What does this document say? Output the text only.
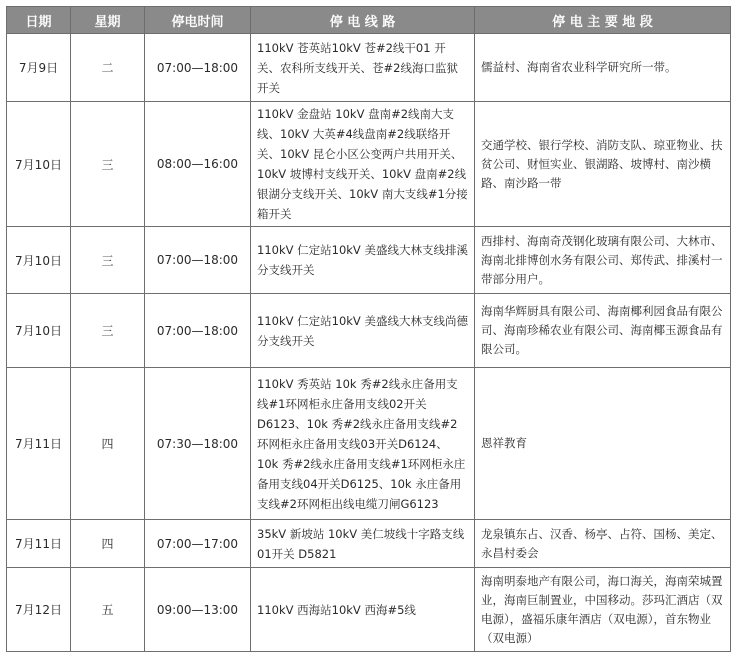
日期	星期	停电时间	停 电 线 路	停 电 主 要 地 段
7月9日	二	07:00—18:00	110kV 苍英站10kV 苍#2线干01 开关、农科所支线开关、苍#2线海口监狱开关	儒益村、海南省农业科学研究所一带。
7月10日	三	08:00—16:00	110kV 金盘站 10kV 盘南#2线南大支线、10kV 大英#4线盘南#2线联络开关、10kV 昆仑小区公变两户共用开关、10kV 坡博村支线开关、10kV 盘南#2线银湖分支线开关、10kV 南大支线#1分接箱开关	交通学校、银行学校、消防支队、琼亚物业、扶贫公司、财恒实业、银湖路、坡博村、南沙横路、南沙路一带
7月10日	三	07:00—18:00	110kV 仁定站10kV 美盛线大林支线排溪分支线开关	西排村、海南奇茂钢化玻璃有限公司、大林市、海南北排博创水务有限公司、郑传武、排溪村一带部分用户。
7月10日	三	07:00—18:00	110kV 仁定站10kV 美盛线大林支线尚德分支线开关	海南华辉厨具有限公司、海南椰利园食品有限公司、海南珍稀农业有限公司、海南椰玉源食品有限公司。
7月11日	四	07:30—18:00	110kV 秀英站 10k 秀#2线永庄备用支线#1环网柜永庄备用支线02开关D6123、10k 秀#2线永庄备用支线#2环网柜永庄备用支线03开关D6124、10k 秀#2线永庄备用支线#1环网柜永庄备用支线04开关D6125、10k 永庄备用支线#2环网柜出线电缆刀闸G6123	恩祥教育
7月11日	四	07:00—17:00	35kV 新坡站 10kV 美仁坡线十字路支线01开关 D5821	龙泉镇东占、汉香、杨亭、占符、国杨、美定、永昌村委会
7月12日	五	09:00—13:00	110kV 西海站10kV 西海#5线	海南明泰地产有限公司，海口海关，海南荣城置业，海南巨制置业，中国移动。莎玛汇酒店（双电源），盛福乐康年酒店（双电源），首东物业（双电源）
